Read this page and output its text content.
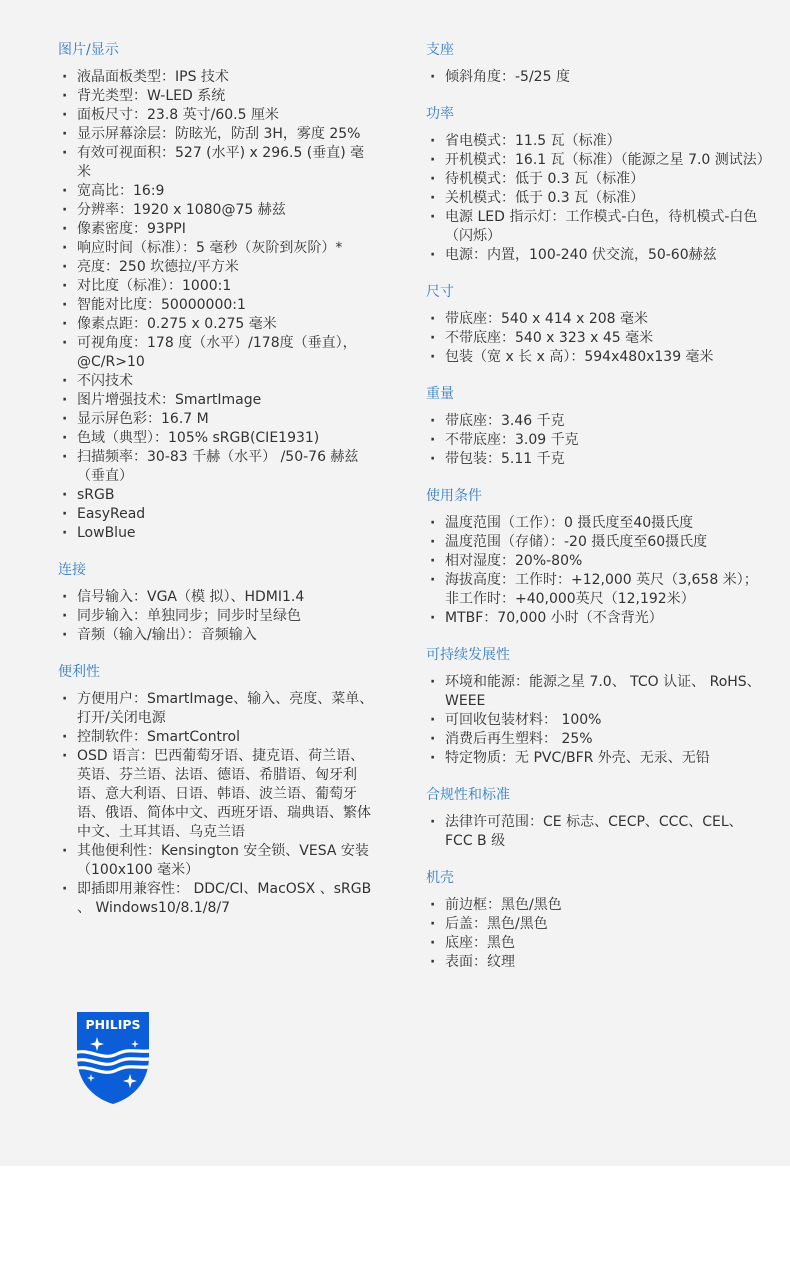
图片/显示
· 液晶面板类型：IPS 技术
· 背光类型：W-LED 系统
· 面板尺寸：23.8 英寸/60.5 厘米
· 显示屏幕涂层：防眩光，防刮 3H，雾度 25%
· 有效可视面积：527 (水平) x 296.5 (垂直) 毫米
· 宽高比：16:9
· 分辨率：1920 x 1080@75 赫兹
· 像素密度：93PPI
· 响应时间（标准）：5 毫秒（灰阶到灰阶）*
· 亮度：250 坎德拉/平方米
· 对比度（标准）：1000:1
· 智能对比度：50000000:1
· 像素点距：0.275 x 0.275 毫米
· 可视角度：178 度（水平）/178度（垂直），@C/R>10
· 不闪技术
· 图片增强技术：SmartImage
· 显示屏色彩：16.7 M
· 色域（典型）：105% sRGB(CIE1931)
· 扫描频率：30-83 千赫（水平） /50-76 赫兹（垂直）
· sRGB
· EasyRead
· LowBlue
连接
· 信号输入：VGA（模 拟）、HDMI1.4
· 同步输入：单独同步；同步时呈绿色
· 音频（输入/输出）：音频输入
便利性
· 方便用户：SmartImage、输入、亮度、菜单、打开/关闭电源
· 控制软件：SmartControl
· OSD 语言：巴西葡萄牙语、捷克语、荷兰语、英语、芬兰语、法语、德语、希腊语、匈牙利语、意大利语、日语、韩语、波兰语、葡萄牙语、俄语、简体中文、西班牙语、瑞典语、繁体中文、土耳其语、乌克兰语
· 其他便利性：Kensington 安全锁、VESA 安装（100x100 毫米）
· 即插即用兼容性： DDC/CI、MacOSX 、sRGB 、 Windows10/8.1/8/7
支座
· 倾斜角度：-5/25 度
功率
· 省电模式：11.5 瓦（标准）
· 开机模式：16.1 瓦（标准）（能源之星 7.0 测试法）
· 待机模式：低于 0.3 瓦（标准）
· 关机模式：低于 0.3 瓦（标准）
· 电源 LED 指示灯：工作模式-白色，待机模式-白色（闪烁）
· 电源：内置，100-240 伏交流，50-60赫兹
尺寸
· 带底座：540 x 414 x 208 毫米
· 不带底座：540 x 323 x 45 毫米
· 包装（宽 x 长 x 高）：594x480x139 毫米
重量
· 带底座：3.46 千克
· 不带底座：3.09 千克
· 带包装：5.11 千克
使用条件
· 温度范围（工作）：0 摄氏度至40摄氏度
· 温度范围（存储）：-20 摄氏度至60摄氏度
· 相对湿度：20%-80%
· 海拔高度：工作时：+12,000 英尺（3,658 米）；非工作时：+40,000英尺（12,192米）
· MTBF：70,000 小时（不含背光）
可持续发展性
· 环境和能源：能源之星 7.0、 TCO 认证、 RoHS、 WEEE
· 可回收包装材料： 100%
· 消费后再生塑料： 25%
· 特定物质：无 PVC/BFR 外壳、无汞、无铅
合规性和标准
· 法律许可范围：CE 标志、CECP、CCC、CEL、 FCC B 级
机壳
· 前边框：黑色/黑色
· 后盖：黑色/黑色
· 底座：黑色
· 表面：纹理
PHILIPS
